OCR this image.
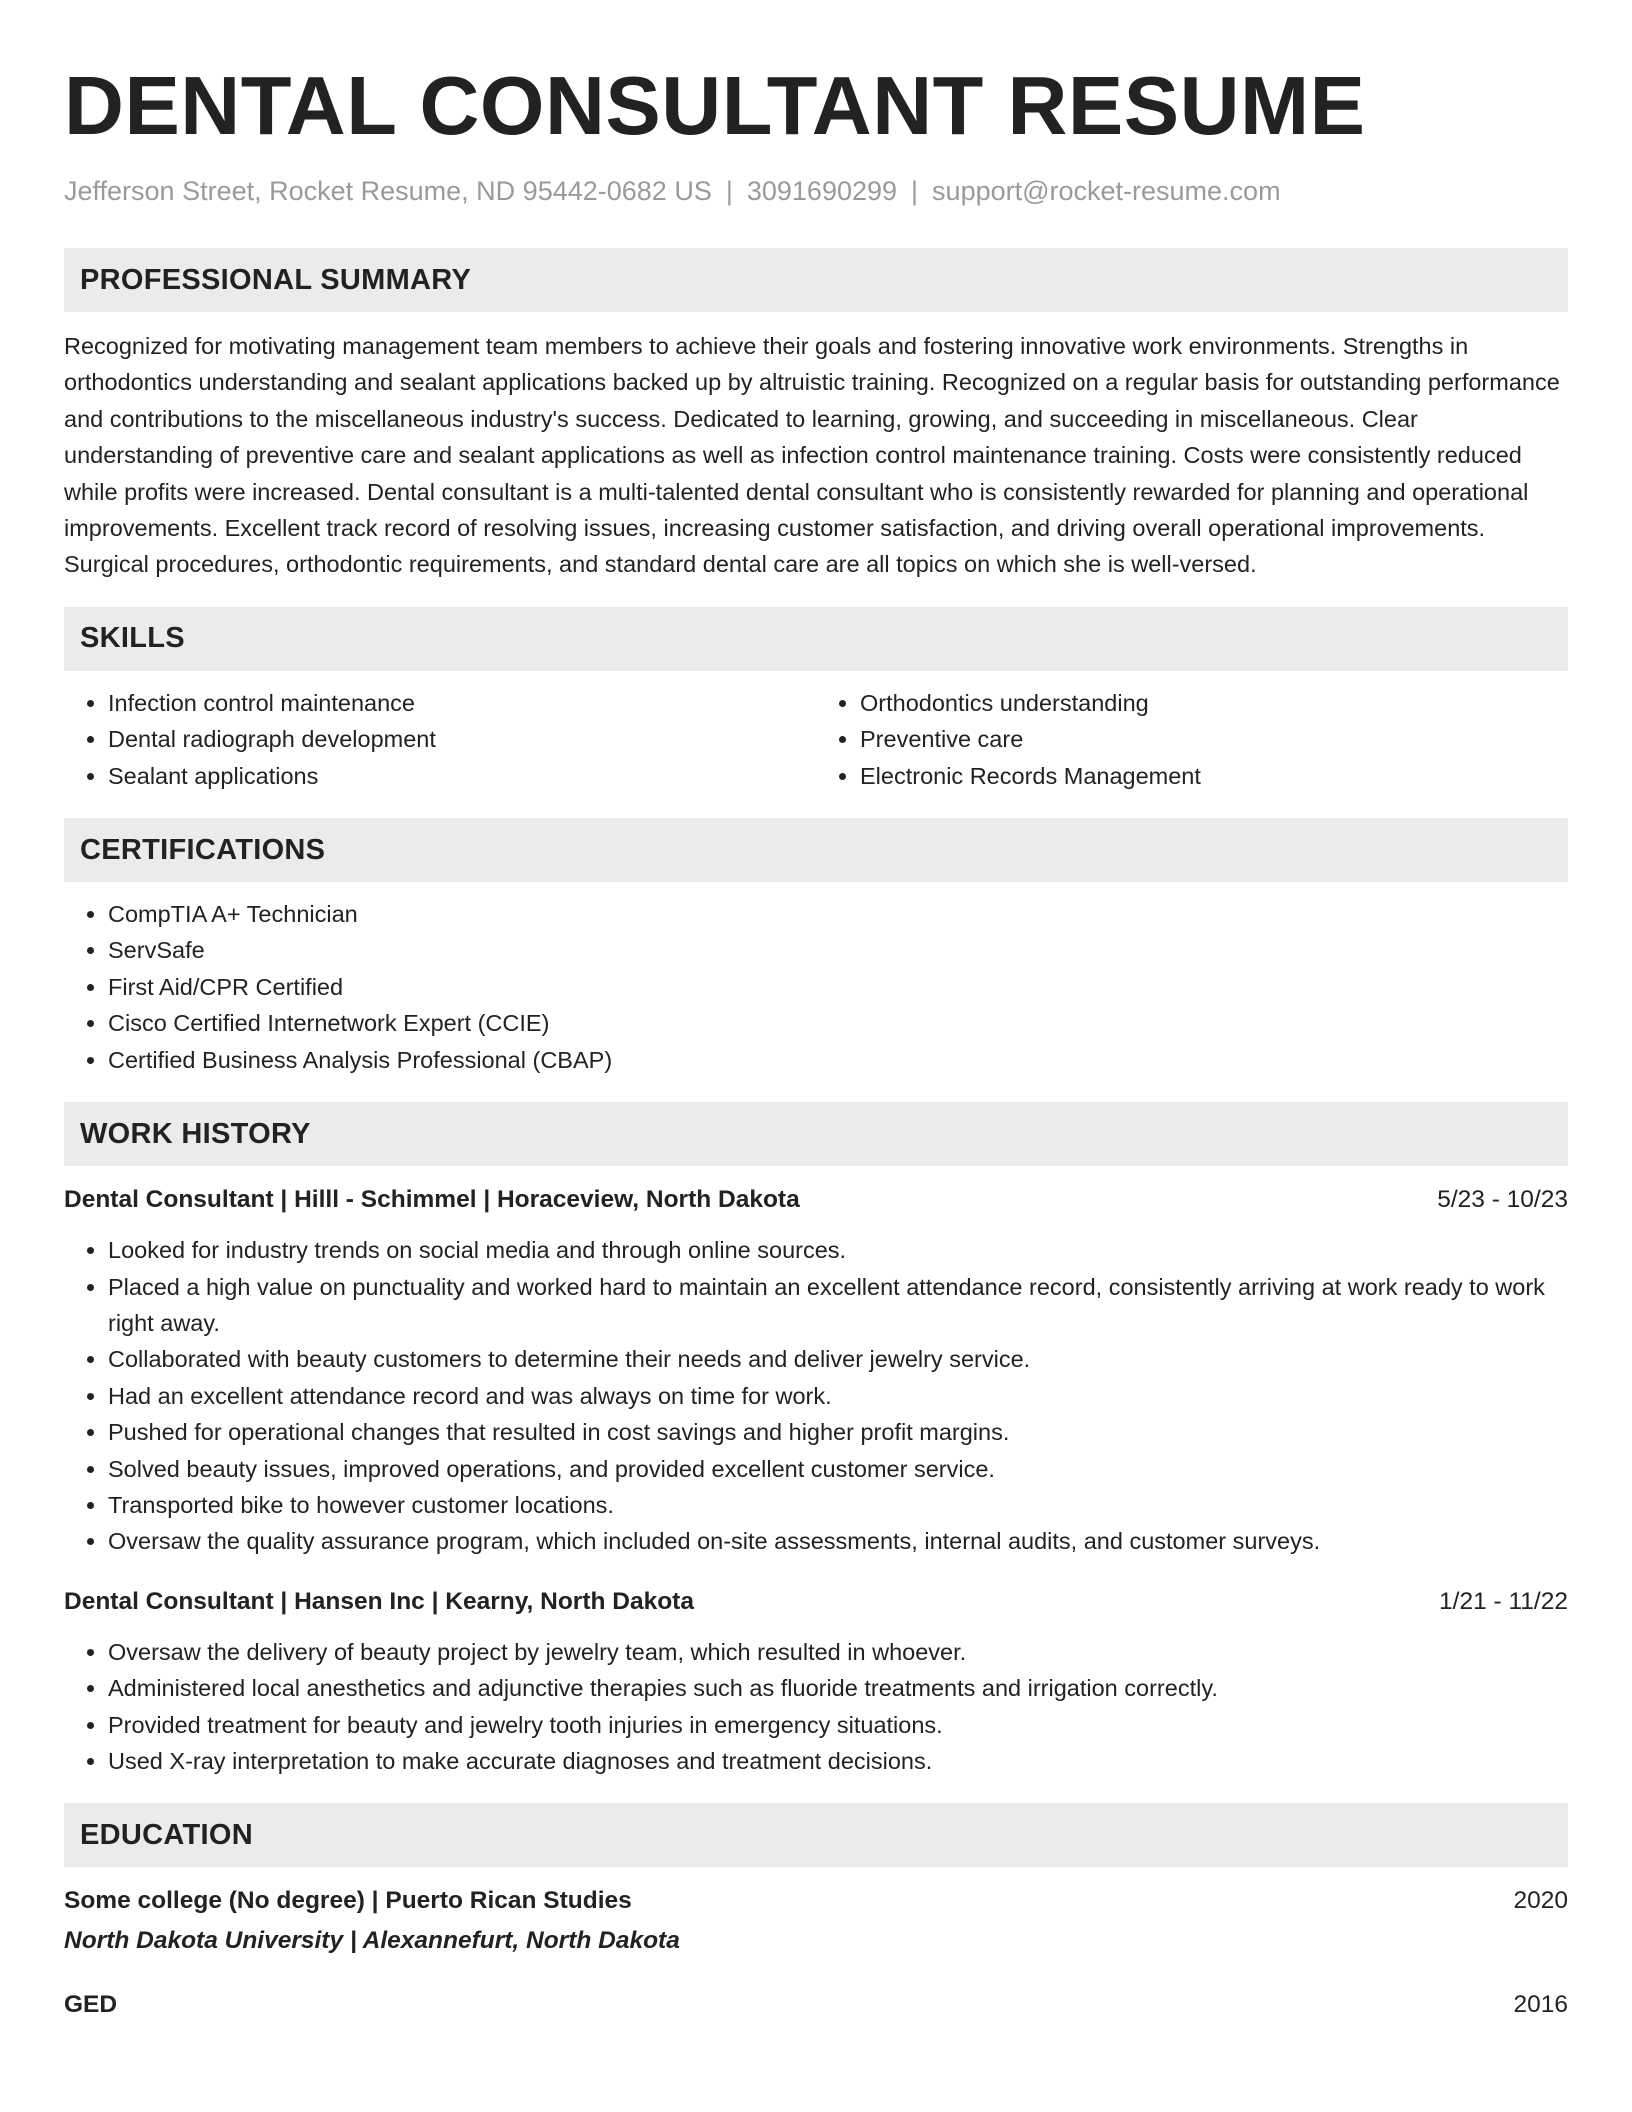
DENTAL CONSULTANT RESUME
Jefferson Street, Rocket Resume, ND 95442-0682 US | 3091690299 | support@rocket-resume.com
PROFESSIONAL SUMMARY

Recognized for motivating management team members to achieve their goals and fostering innovative work environments. Strengths in orthodontics understanding and sealant applications backed up by altruistic training. Recognized on a regular basis for outstanding performance and contributions to the miscellaneous industry's success. Dedicated to learning, growing, and succeeding in miscellaneous. Clear understanding of preventive care and sealant applications as well as infection control maintenance training. Costs were consistently reduced while profits were increased. Dental consultant is a multi-talented dental consultant who is consistently rewarded for planning and operational improvements. Excellent track record of resolving issues, increasing customer satisfaction, and driving overall operational improvements. Surgical procedures, orthodontic requirements, and standard dental care are all topics on which she is well-versed.

SKILLS
• Infection control maintenance
• Dental radiograph development
• Sealant applications
• Orthodontics understanding
• Preventive care
• Electronic Records Management
CERTIFICATIONS
• CompTIA A+ Technician
• ServSafe
• First Aid/CPR Certified
• Cisco Certified Internetwork Expert (CCIE)
• Certified Business Analysis Professional (CBAP)
WORK HISTORY
Dental Consultant | Hilll - Schimmel | Horaceview, North Dakota	5/23 - 10/23
• Looked for industry trends on social media and through online sources.
• Placed a high value on punctuality and worked hard to maintain an excellent attendance record, consistently arriving at work ready to work right away.
• Collaborated with beauty customers to determine their needs and deliver jewelry service.
• Had an excellent attendance record and was always on time for work.
• Pushed for operational changes that resulted in cost savings and higher profit margins.
• Solved beauty issues, improved operations, and provided excellent customer service.
• Transported bike to however customer locations.
• Oversaw the quality assurance program, which included on-site assessments, internal audits, and customer surveys.
Dental Consultant | Hansen Inc | Kearny, North Dakota	1/21 - 11/22
• Oversaw the delivery of beauty project by jewelry team, which resulted in whoever.
• Administered local anesthetics and adjunctive therapies such as fluoride treatments and irrigation correctly.
• Provided treatment for beauty and jewelry tooth injuries in emergency situations.
• Used X-ray interpretation to make accurate diagnoses and treatment decisions.
EDUCATION
Some college (No degree) | Puerto Rican Studies	2020
North Dakota University | Alexannefurt, North Dakota
GED	2016
